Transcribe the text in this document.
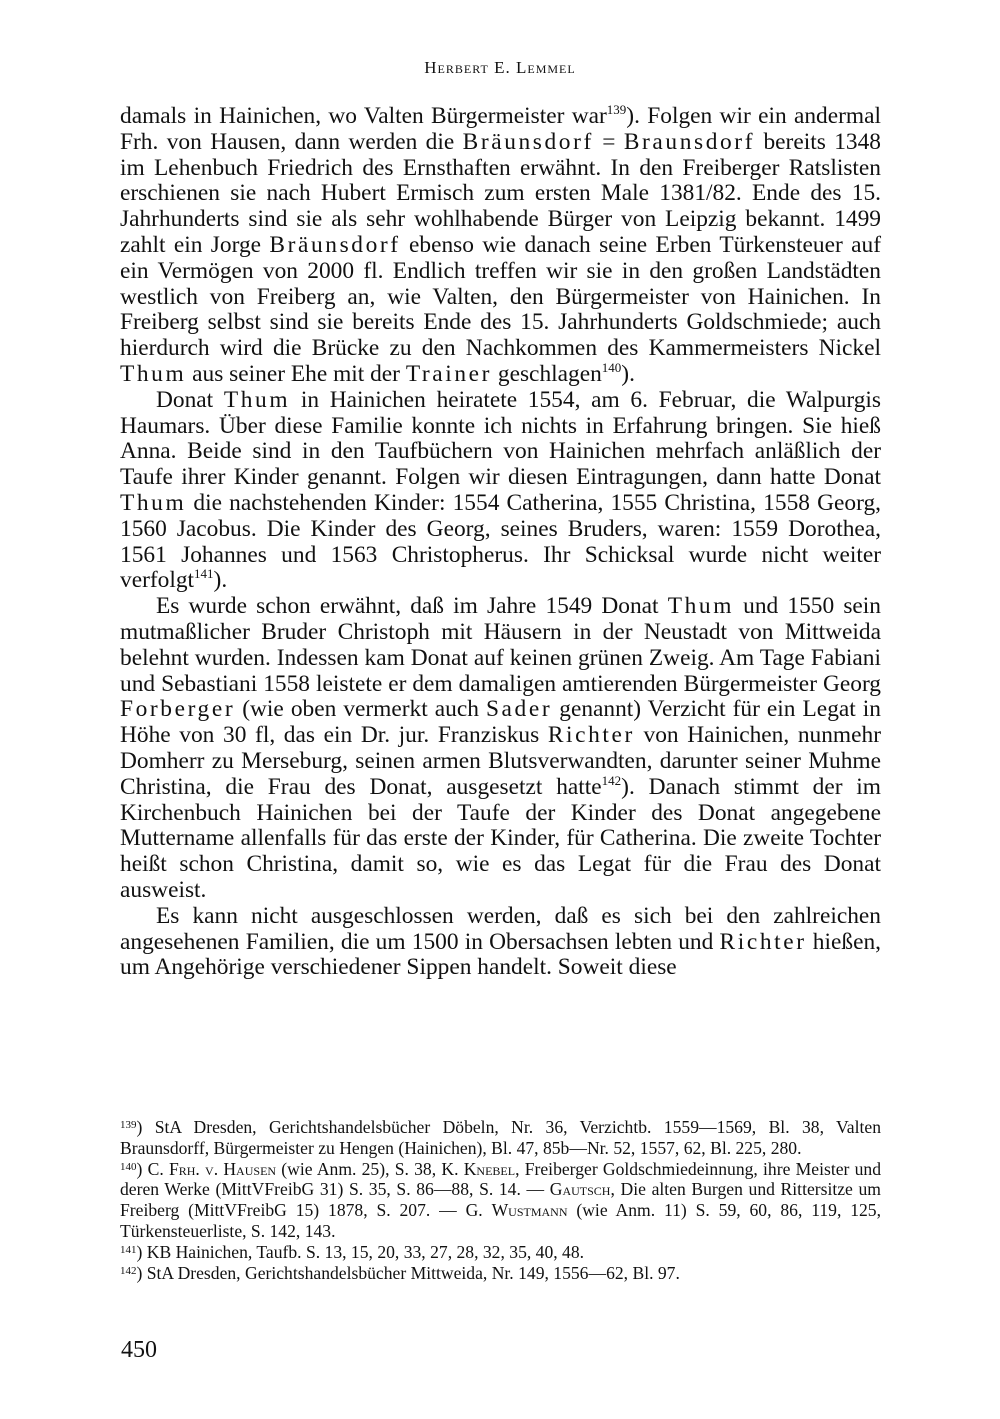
Herbert E. Lemmel

damals in Hainichen, wo Valten Bürgermeister war$^{139}$). Folgen wir ein andermal Frh. von Hausen, dann werden die Bräunsdorf = Braunsdorf bereits 1348 im Lehenbuch Friedrich des Ernsthaften erwähnt. In den Freiberger Ratslisten erschienen sie nach Hubert Ermisch zum ersten Male 1381/82. Ende des 15. Jahrhunderts sind sie als sehr wohlhabende Bürger von Leipzig bekannt. 1499 zahlt ein Jorge Bräunsdorf ebenso wie danach seine Erben Türkensteuer auf ein Vermögen von 2000 fl. Endlich treffen wir sie in den großen Landstädten westlich von Freiberg an, wie Valten, den Bürgermeister von Hainichen. In Freiberg selbst sind sie bereits Ende des 15. Jahrhunderts Goldschmiede; auch hierdurch wird die Brücke zu den Nachkommen des Kammermeisters Nickel Thum aus seiner Ehe mit der Trainer geschlagen$^{140}$).

Donat Thum in Hainichen heiratete 1554, am 6. Februar, die Walpurgis Haumars. Über diese Familie konnte ich nichts in Erfahrung bringen. Sie hieß Anna. Beide sind in den Taufbüchern von Hainichen mehrfach anläßlich der Taufe ihrer Kinder genannt. Folgen wir diesen Eintragungen, dann hatte Donat Thum die nachstehenden Kinder: 1554 Catherina, 1555 Christina, 1558 Georg, 1560 Jacobus. Die Kinder des Georg, seines Bruders, waren: 1559 Dorothea, 1561 Johannes und 1563 Christopherus. Ihr Schicksal wurde nicht weiter verfolgt$^{141}$).

Es wurde schon erwähnt, daß im Jahre 1549 Donat Thum und 1550 sein mutmaßlicher Bruder Christoph mit Häusern in der Neustadt von Mittweida belehnt wurden. Indessen kam Donat auf keinen grünen Zweig. Am Tage Fabiani und Sebastiani 1558 leistete er dem damaligen amtierenden Bürgermeister Georg Forberger (wie oben vermerkt auch Sader genannt) Verzicht für ein Legat in Höhe von 30 fl, das ein Dr. jur. Franziskus Richter von Hainichen, nunmehr Domherr zu Merseburg, seinen armen Blutsverwandten, darunter seiner Muhme Christina, die Frau des Donat, ausgesetzt hatte$^{142}$). Danach stimmt der im Kirchenbuch Hainichen bei der Taufe der Kinder des Donat angegebene Muttername allenfalls für das erste der Kinder, für Catherina. Die zweite Tochter heißt schon Christina, damit so, wie es das Legat für die Frau des Donat ausweist.

Es kann nicht ausgeschlossen werden, daß es sich bei den zahlreichen angesehenen Familien, die um 1500 in Obersachsen lebten und Richter hießen, um Angehörige verschiedener Sippen handelt. Soweit diese

$^{139}$) StA Dresden, Gerichtshandelsbücher Döbeln, Nr. 36, Verzichtb. 1559—1569, Bl. 38, Valten Braunsdorff, Bürgermeister zu Hengen (Hainichen), Bl. 47, 85b—Nr. 52, 1557, 62, Bl. 225, 280.

$^{140}$) C. Frh. v. Hausen (wie Anm. 25), S. 38, K. Knebel, Freiberger Goldschmiedeinnung, ihre Meister und deren Werke (MittVFreibG 31) S. 35, S. 86—88, S. 14. — Gautsch, Die alten Burgen und Rittersitze um Freiberg (MittVFreibG 15) 1878, S. 207. — G. Wustmann (wie Anm. 11) S. 59, 60, 86, 119, 125, Türkensteuerliste, S. 142, 143.

$^{141}$) KB Hainichen, Taufb. S. 13, 15, 20, 33, 27, 28, 32, 35, 40, 48.

$^{142}$) StA Dresden, Gerichtshandelsbücher Mittweida, Nr. 149, 1556—62, Bl. 97.

450
